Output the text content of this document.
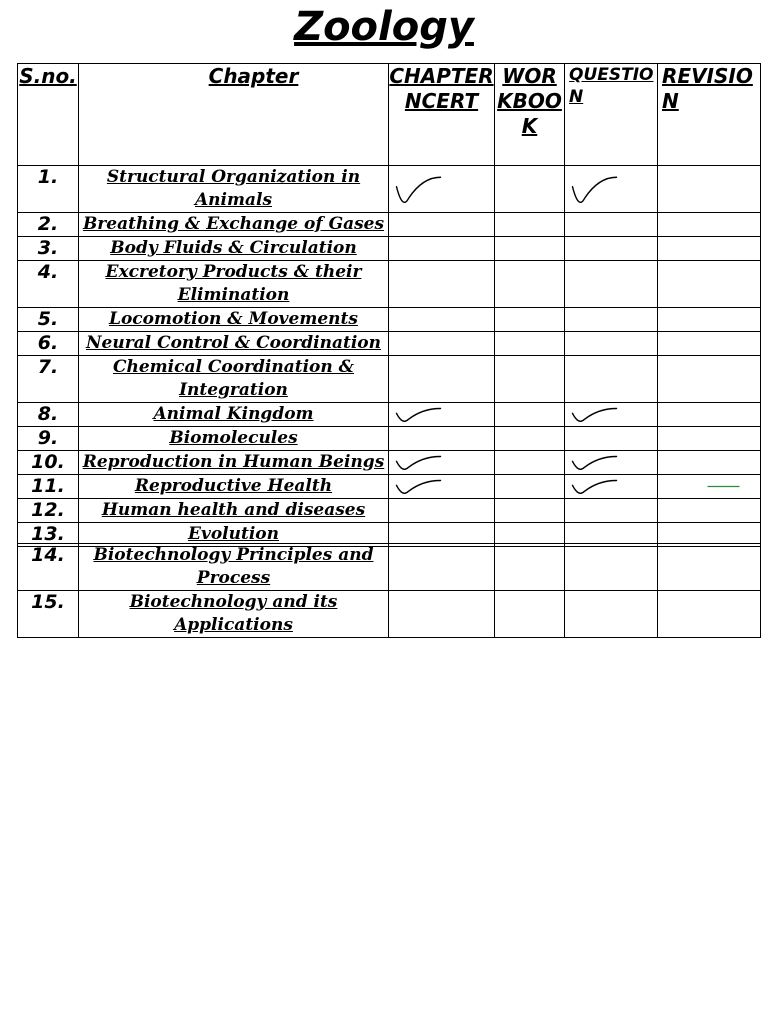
Zoology
S.no.	Chapter	CHAPTER NCERT	WORKBOOK	QUESTION	REVISION
1.	Structural Organization in Animals				
2.	Breathing & Exchange of Gases				
3.	Body Fluids & Circulation				
4.	Excretory Products & their Elimination				
5.	Locomotion & Movements				
6.	Neural Control & Coordination				
7.	Chemical Coordination & Integration				
8.	Animal Kingdom				
9.	Biomolecules				
10.	Reproduction in Human Beings				
11.	Reproductive Health				
12.	Human health and diseases				
13.	Evolution				
14.	Biotechnology Principles and Process				
15.	Biotechnology and its Applications				
